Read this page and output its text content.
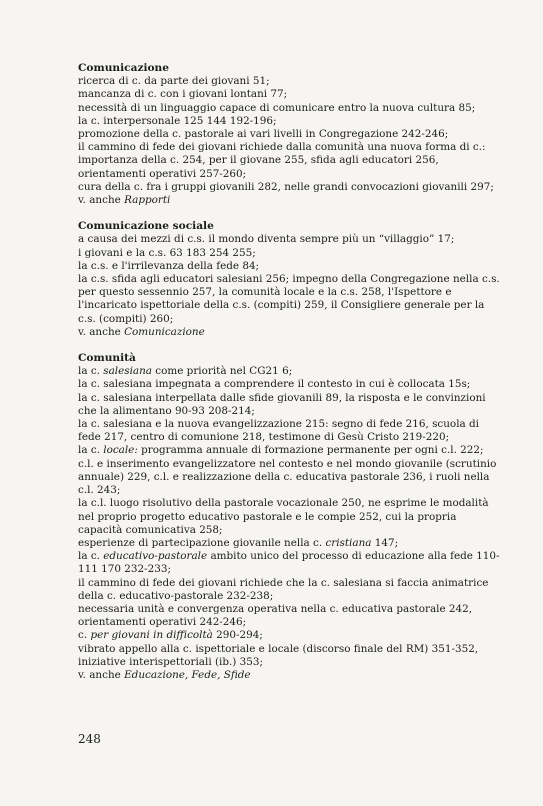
Comunicazione
ricerca di c. da parte dei giovani 51;
mancanza di c. con i giovani lontani 77;
necessità di un linguaggio capace di comunicare entro la nuova cultura 85;
la c. interpersonale 125 144 192-196;
promozione della c. pastorale ai vari livelli in Congregazione 242-246;
il cammino di fede dei giovani richiede dalla comunità una nuova forma di c.: importanza della c. 254, per il giovane 255, sfida agli educatori 256, orientamenti operativi 257-260;
cura della c. fra i gruppi giovanili 282, nelle grandi convocazioni giovanili 297;
v. anche Rapporti
Comunicazione sociale
a causa dei mezzi di c.s. il mondo diventa sempre più un “villaggio” 17;
i giovani e la c.s. 63 183 254 255;
la c.s. e l'irrilevanza della fede 84;
la c.s. sfida agli educatori salesiani 256; impegno della Congregazione nella c.s. per questo sessennio 257, la comunità locale e la c.s. 258, l'Ispettore e l'incaricato ispettoriale della c.s. (compiti) 259, il Consigliere generale per la c.s. (compiti) 260;
v. anche Comunicazione
Comunità
la c. salesiana come priorità nel CG21 6;
la c. salesiana impegnata a comprendere il contesto in cui è collocata 15s;
la c. salesiana interpellata dalle sfide giovanili 89, la risposta e le convinzioni che la alimentano 90-93 208-214;
la c. salesiana e la nuova evangelizzazione 215: segno di fede 216, scuola di fede 217, centro di comunione 218, testimone di Gesù Cristo 219-220;
la c. locale: programma annuale di formazione permanente per ogni c.l. 222;
c.l. e inserimento evangelizzatore nel contesto e nel mondo giovanile (scrutinio annuale) 229, c.l. e realizzazione della c. educativa pastorale 236, i ruoli nella c.l. 243;
la c.l. luogo risolutivo della pastorale vocazionale 250, ne esprime le modalità nel proprio progetto educativo pastorale e le compie 252, cui la propria capacità comunicativa 258;
esperienze di partecipazione giovanile nella c. cristiana 147;
la c. educativo-pastorale ambito unico del processo di educazione alla fede 110-111 170 232-233;
il cammino di fede dei giovani richiede che la c. salesiana si faccia animatrice della c. educativo-pastorale 232-238;
necessaria unità e convergenza operativa nella c. educativa pastorale 242, orientamenti operativi 242-246;
c. per giovani in difficoltà 290-294;
vibrato appello alla c. ispettoriale e locale (discorso finale del RM) 351-352, iniziative interispettoriali (ib.) 353;
v. anche Educazione, Fede, Sfide
248
